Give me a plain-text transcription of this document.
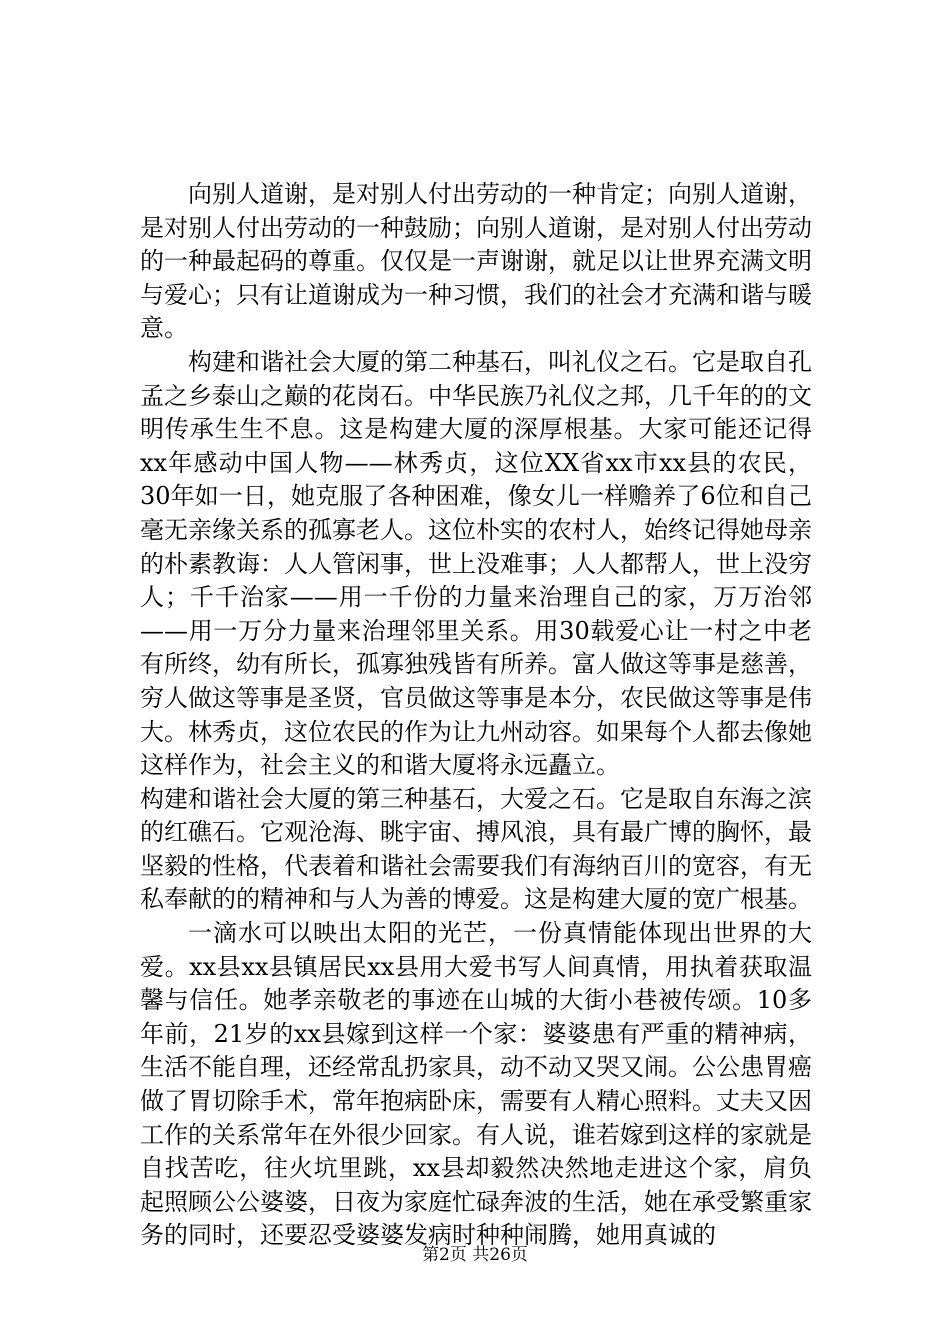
向别人道谢，是对别人付出劳动的一种肯定；向别人道谢，是对别人付出劳动的一种鼓励；向别人道谢，是对别人付出劳动的一种最起码的尊重。仅仅是一声谢谢，就足以让世界充满文明与爱心；只有让道谢成为一种习惯，我们的社会才充满和谐与暖意。

构建和谐社会大厦的第二种基石，叫礼仪之石。它是取自孔孟之乡泰山之巅的花岗石。中华民族乃礼仪之邦，几千年的的文明传承生生不息。这是构建大厦的深厚根基。大家可能还记得xx年感动中国人物——林秀贞，这位XX省xx市xx县的农民，30年如一日，她克服了各种困难，像女儿一样赡养了6位和自己毫无亲缘关系的孤寡老人。这位朴实的农村人，始终记得她母亲的朴素教诲：人人管闲事，世上没难事；人人都帮人，世上没穷人；千千治家——用一千份的力量来治理自己的家，万万治邻——用一万分力量来治理邻里关系。用30载爱心让一村之中老有所终，幼有所长，孤寡独残皆有所养。富人做这等事是慈善，穷人做这等事是圣贤，官员做这等事是本分，农民做这等事是伟大。林秀贞，这位农民的作为让九州动容。如果每个人都去像她这样作为，社会主义的和谐大厦将永远矗立。

构建和谐社会大厦的第三种基石，大爱之石。它是取自东海之滨的红礁石。它观沧海、眺宇宙、搏风浪，具有最广博的胸怀，最坚毅的性格，代表着和谐社会需要我们有海纳百川的宽容，有无私奉献的的精神和与人为善的博爱。这是构建大厦的宽广根基。

一滴水可以映出太阳的光芒，一份真情能体现出世界的大爱。xx县xx县镇居民xx县用大爱书写人间真情，用执着获取温馨与信任。她孝亲敬老的事迹在山城的大街小巷被传颂。10多年前，21岁的xx县嫁到这样一个家：婆婆患有严重的精神病，生活不能自理，还经常乱扔家具，动不动又哭又闹。公公患胃癌做了胃切除手术，常年抱病卧床，需要有人精心照料。丈夫又因工作的关系常年在外很少回家。有人说，谁若嫁到这样的家就是自找苦吃，往火坑里跳，xx县却毅然决然地走进这个家，肩负起照顾公公婆婆，日夜为家庭忙碌奔波的生活，她在承受繁重家务的同时，还要忍受婆婆发病时种种闹腾，她用真诚的

第2页 共26页
